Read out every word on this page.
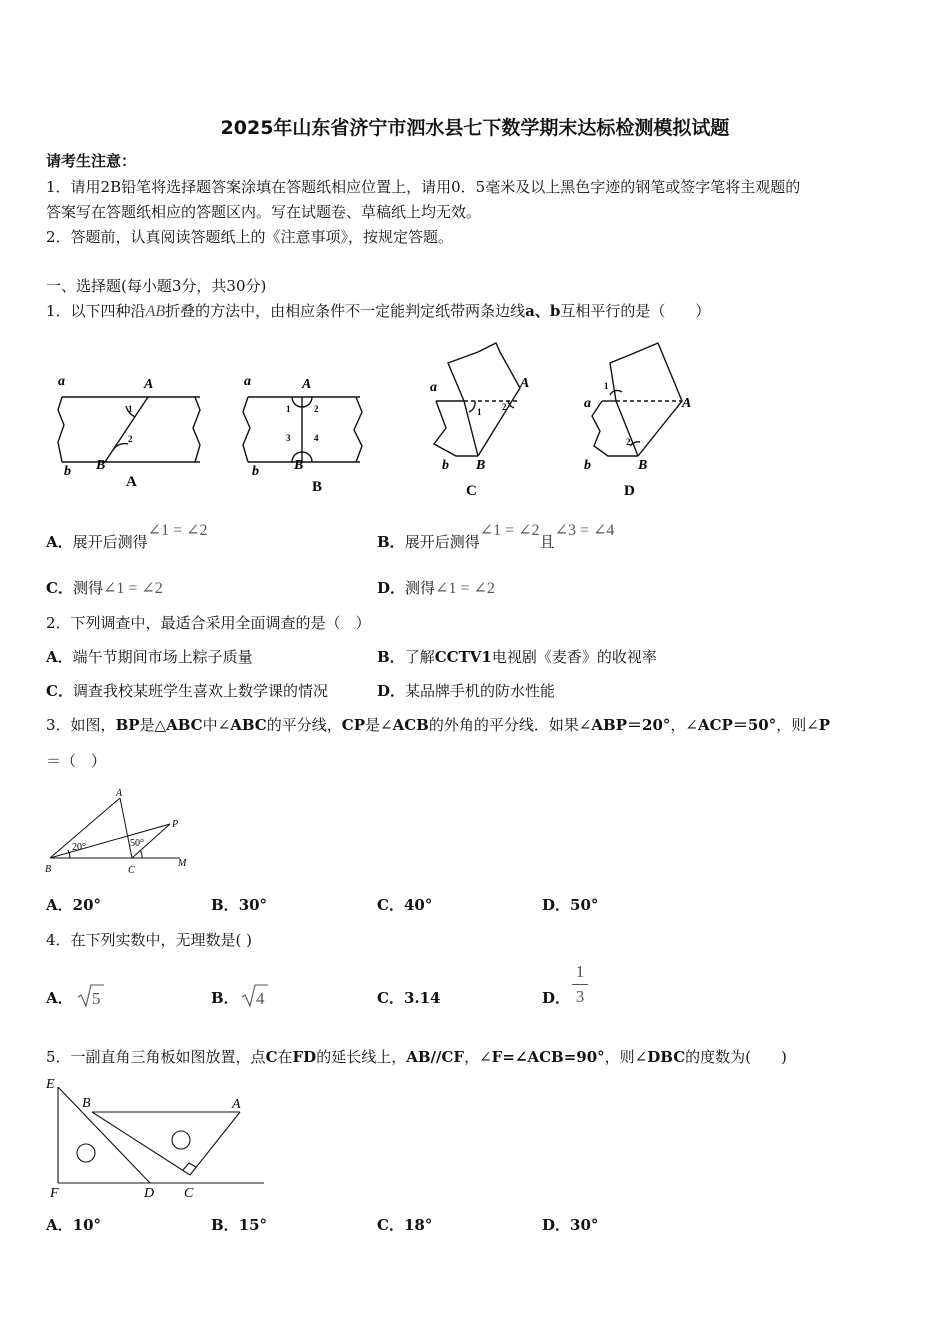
2025年山东省济宁市泗水县七下数学期末达标检测模拟试题
请考生注意：
1．请用2B铅笔将选择题答案涂填在答题纸相应位置上，请用0．5毫米及以上黑色字迹的钢笔或签字笔将主观题的
答案写在答题纸相应的答题区内。写在试题卷、草稿纸上均无效。
2．答题前，认真阅读答题纸上的《注意事项》，按规定答题。
一、选择题(每小题3分，共30分)
1．以下四种沿AB折叠的方法中，由相应条件不一定能判定纸带两条边线a、b互相平行的是（　　）
a	A
b B
1
2
A
a	A
b	B
1	2
3	4
B
a	A
b B
1 2
C
a	A
b	B
1
2
D
A．展开后测得∠1 = ∠2
B．展开后测得∠1 = ∠2且∠3 = ∠4
C．测得∠1 = ∠2	D．测得∠1 = ∠2
2．下列调查中，最适合采用全面调查的是（　）
A．端午节期间市场上粽子质量	B．了解CCTV1电视剧《麦香》的收视率
C．调查我校某班学生喜欢上数学课的情况	D．某品牌手机的防水性能
3．如图，BP是△ABC中∠ABC的平分线，CP是∠ACB的外角的平分线．如果∠ABP＝20°，∠ACP＝50°，则∠P
＝（　）
A
B	C
P
M
20°	50°
A．20°	B．30°	C．40°	D．50°
4．在下列实数中，无理数是( )
A． 5	B． 4	C．3.14	D．
1
3
5．一副直角三角板如图放置，点C在FD的延长线上，AB//CF，∠F=∠ACB=90°，则∠DBC的度数为(　　)
E
B	A
F	D C
A．10°	B．15°	C．18°	D．30°
